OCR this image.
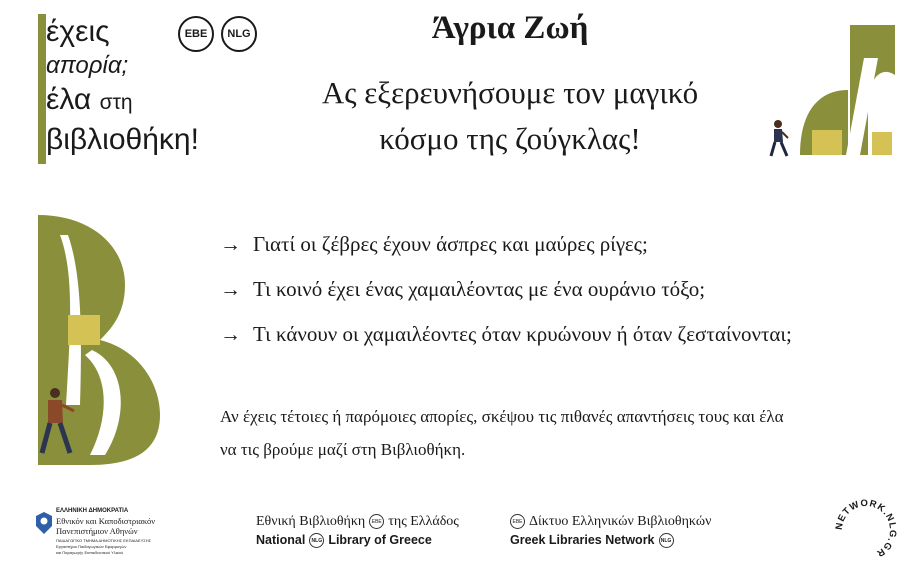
έχεις
απορία;
έλα στη
βιβλιοθήκη!
EBE	NLG	Άγρια Ζωή
Ας εξερευνήσουμε τον μαγικό
κόσμο της ζούγκλας!
→ Γιατί οι ζέβρες έχουν άσπρες και μαύρες ρίγες;
→ Τι κοινό έχει ένας χαμαιλέοντας με ένα ουράνιο τόξο;
→ Τι κάνουν οι χαμαιλέοντες όταν κρυώνουν ή όταν ζεσταίνονται;
Αν έχεις τέτοιες ή παρόμοιες απορίες, σκέψου τις πιθανές απαντήσεις τους και έλα
να τις βρούμε μαζί στη Βιβλιοθήκη.
ΕΛΛΗΝΙΚΗ ΔΗΜΟΚΡΑΤΙΑ
Εθνικόν και Καποδιστριακόν
Πανεπιστήμιον Αθηνών
ΠΑΙΔΑΓΩΓΙΚΟ ΤΜΗΜΑ ΔΗΜΟΤΙΚΗΣ ΕΚΠΑΙΔΕΥΣΗΣ
Εργαστήριο Παιδαγωγικών Εφαρμογών
και Παραγωγής Εκπαιδευτικού Υλικού
Εθνική Βιβλιοθήκη EBE της Ελλάδος
National NLG Library of Greece
EBE Δίκτυο Ελληνικών Βιβλιοθηκών
Greek Libraries Network NLG
NETWORK.NLG.GR
